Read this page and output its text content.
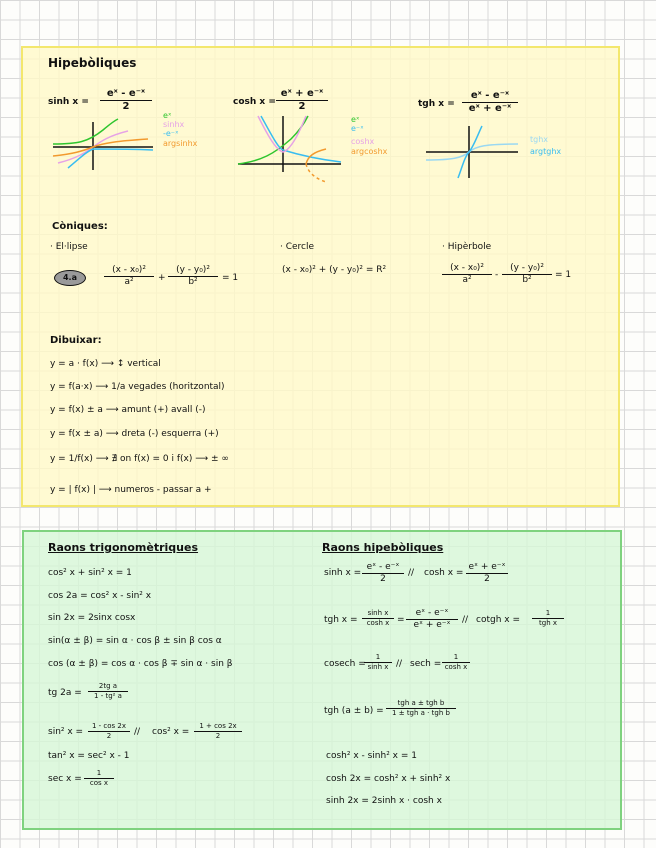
Hipebòliques
$\sinh x = \frac{\text{eˣ - e⁻ˣ}}{2}$
eˣ
sinhx
-e⁻ˣ
argsinhx
$\cosh x = \frac{\text{eˣ + e⁻ˣ}}{2}$
eˣ
e⁻ˣ
coshx
argcoshx
tgh $x = \frac{\text{eˣ - e⁻ˣ}}{\text{eˣ + e⁻ˣ}}$
tghx
argtghx
Còniques:
· El·lipse
4.a	$\frac{\text{(x - x₀)²}}{\text{a²}} + \frac{\text{(y - y₀)²}}{\text{b²}} = 1$
· Cercle
(x - x₀)² + (y - y₀)² = R²
· Hipèrbole
$\frac{\text{(x - x₀)²}}{\text{a²}} - \frac{\text{(y - y₀)²}}{\text{b²}} = 1$
Dibuixar:
y = a · f(x) ⟶ ↕ vertical
y = f(a·x) ⟶ 1/a vegades (horitzontal)
y = f(x) ± a ⟶ amunt (+) avall (-)
y = f(x ± a) ⟶ dreta (-) esquerra (+)
y = 1/f(x) ⟶ ∄ on f(x) = 0 i f(x) ⟶ ± ∞
y = | f(x) | ⟶ numeros - passar a +
Raons trigonomètriques
cos² x + sin² x = 1
cos 2a = cos² x - sin² x
sin 2x = 2sinx cosx
sin(α ± β) = sin α · cos β ± sin β cos α
cos (α ± β) = cos α · cos β ∓ sin α · sin β
tg $2a = \frac{\text{2tg a}}{\text{1 - tg² a}}$
sin² $x = \frac{1 - \cos 2x}{2} // \cos^2$ $x = \frac{1 + \cos 2x}{2}$
tan² x = sec² x - 1
$\sec x = \frac{1}{\text{cos x}}$
Raons hipebòliques
$\sinh x = \frac{\text{eˣ - e⁻ˣ}}{2} // \cosh x = \frac{\text{eˣ + e⁻ˣ}}{2}$
tgh $x = \frac{\text{sinh x}}{\text{cosh x}} = \frac{\text{eˣ - e⁻ˣ}}{\text{eˣ + e⁻ˣ}}$ // cotgh x =
1
tgh x
cosech =
$\frac{1}{\text{sinh x}} // \sec h = \frac{1}{\text{cosh x}}$
tgh (a ± b) =
tgh a ± tgh b
1 ± tgh a · tgh b
cosh² x - sinh² x = 1
cosh 2x = cosh² x + sinh² x
sinh 2x = 2sinh x · cosh x
